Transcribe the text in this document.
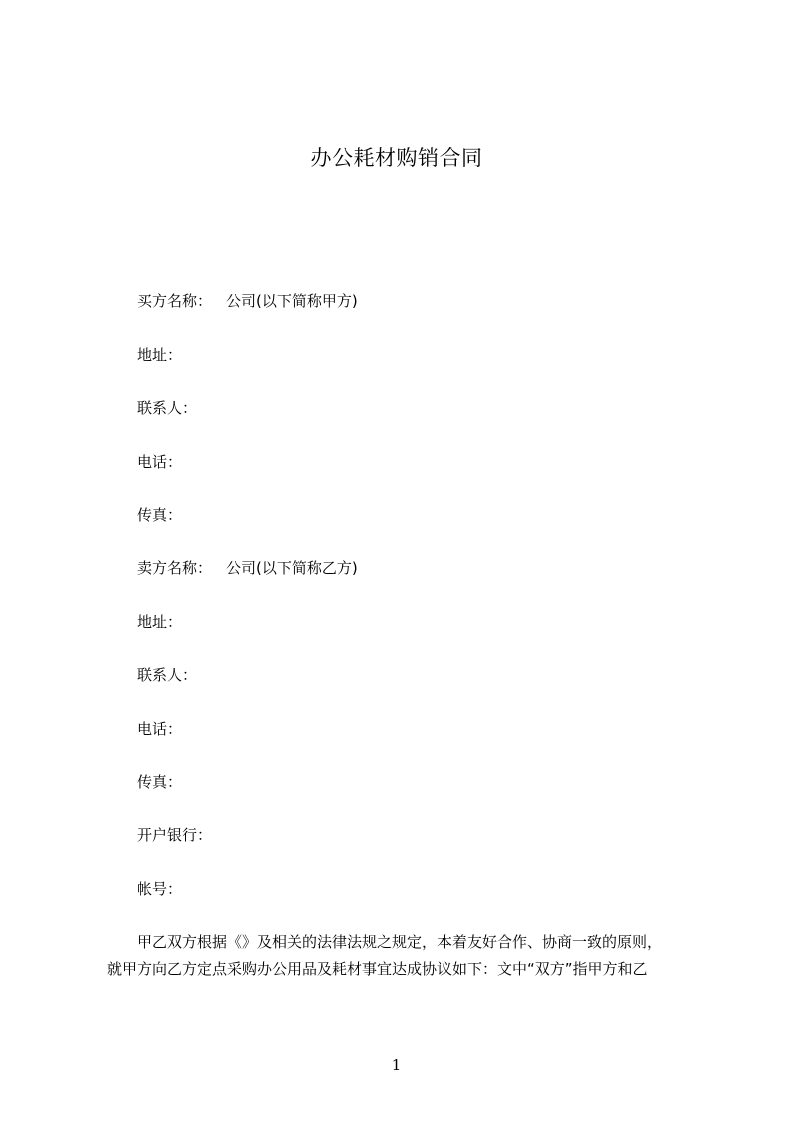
办公耗材购销合同
买方名称： 公司(以下简称甲方)
地址：
联系人：
电话：
传真：
卖方名称： 公司(以下简称乙方)
地址：
联系人：
电话：
传真：
开户银行：
帐号：
甲乙双方根据《》及相关的法律法规之规定，本着友好合作、协商一致的原则，
就甲方向乙方定点采购办公用品及耗材事宜达成协议如下：文中“双方”指甲方和乙
1
